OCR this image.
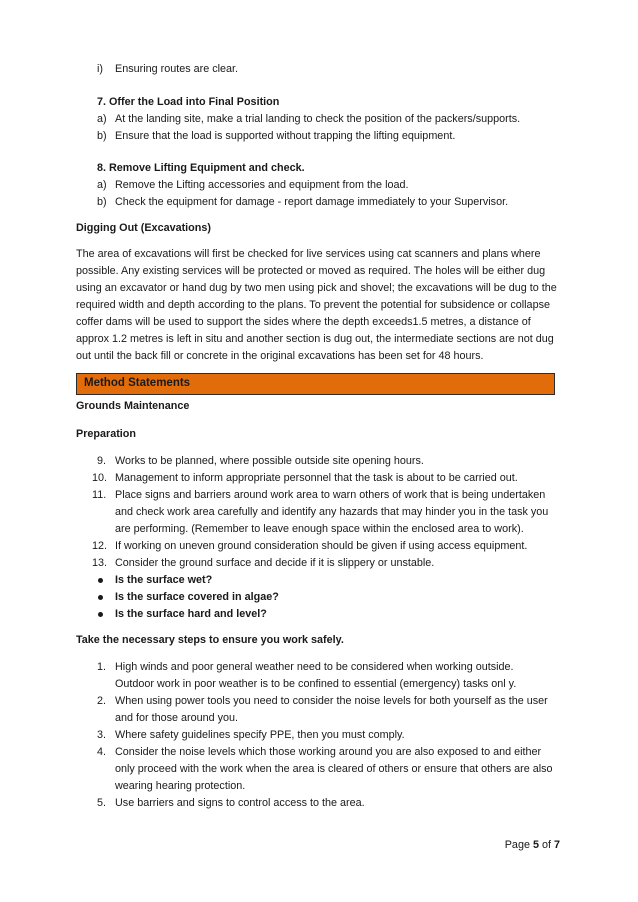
i) Ensuring routes are clear.
7. Offer the Load into Final Position
a) At the landing site, make a trial landing to check the position of the packers/supports.
b) Ensure that the load is supported without trapping the lifting equipment.
8. Remove Lifting Equipment and check.
a) Remove the Lifting accessories and equipment from the load.
b) Check the equipment for damage - report damage immediately to your Supervisor.
Digging Out (Excavations)
The area of excavations will first be checked for live services using cat scanners and plans where
possible. Any existing services will be protected or moved as required. The holes will be either dug
using an excavator or hand dug by two men using pick and shovel; the excavations will be dug to the
required width and depth according to the plans. To prevent the potential for subsidence or collapse
coffer dams will be used to support the sides where the depth exceeds1.5 metres, a distance of
approx 1.2 metres is left in situ and another section is dug out, the intermediate sections are not dug
out until the back fill or concrete in the original excavations has been set for 48 hours.
Method Statements
Grounds Maintenance
Preparation
9. Works to be planned, where possible outside site opening hours.
10. Management to inform appropriate personnel that the task is about to be carried out.
11. Place signs and barriers around work area to warn others of work that is being undertaken
and check work area carefully and identify any hazards that may hinder you in the task you
are performing. (Remember to leave enough space within the enclosed area to work).
12. If working on uneven ground consideration should be given if using access equipment.
13. Consider the ground surface and decide if it is slippery or unstable.
Is the surface wet?
Is the surface covered in algae?
Is the surface hard and level?
Take the necessary steps to ensure you work safely.
1. High winds and poor general weather need to be considered when working outside.
Outdoor work in poor weather is to be confined to essential (emergency) tasks onl y.
2. When using power tools you need to consider the noise levels for both yourself as the user
and for those around you.
3. Where safety guidelines specify PPE, then you must comply.
4. Consider the noise levels which those working around you are also exposed to and either
only proceed with the work when the area is cleared of others or ensure that others are also
wearing hearing protection.
5. Use barriers and signs to control access to the area.
Page 5 of 7
